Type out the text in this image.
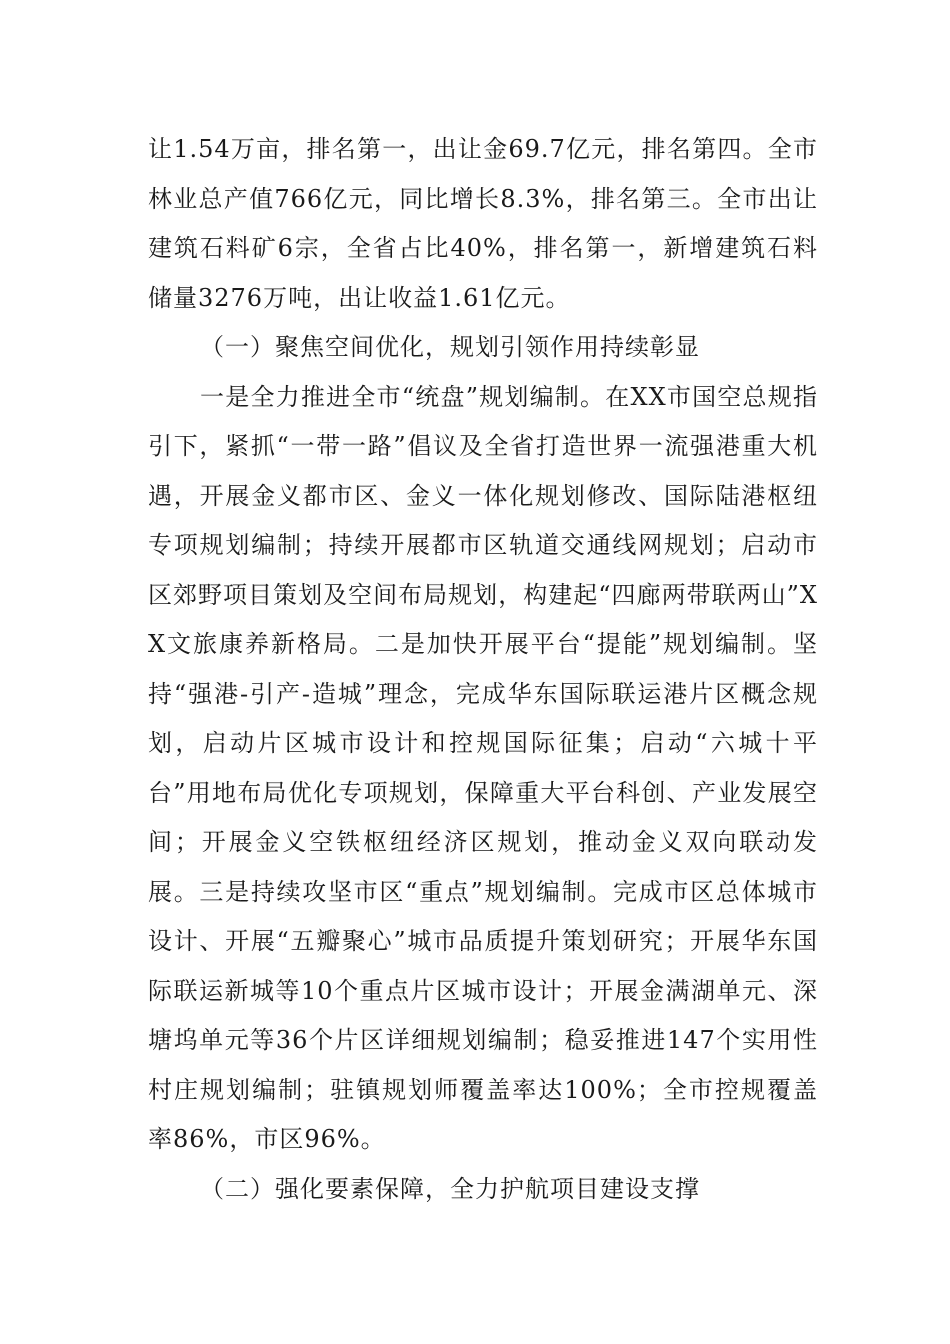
让1.54万亩，排名第一，出让金69.7亿元，排名第四。全市林业总产值766亿元，同比增长8.3%，排名第三。全市出让建筑石料矿6宗，全省占比40%，排名第一，新增建筑石料储量3276万吨，出让收益1.61亿元。

（一）聚焦空间优化，规划引领作用持续彰显

一是全力推进全市“统盘”规划编制。在XX市国空总规指引下，紧抓“一带一路”倡议及全省打造世界一流强港重大机遇，开展金义都市区、金义一体化规划修改、国际陆港枢纽专项规划编制；持续开展都市区轨道交通线网规划；启动市区郊野项目策划及空间布局规划，构建起“四廊两带联两山”XX文旅康养新格局。二是加快开展平台“提能”规划编制。坚持“强港-引产-造城”理念，完成华东国际联运港片区概念规划，启动片区城市设计和控规国际征集；启动“六城十平台”用地布局优化专项规划，保障重大平台科创、产业发展空间；开展金义空铁枢纽经济区规划，推动金义双向联动发展。三是持续攻坚市区“重点”规划编制。完成市区总体城市设计、开展“五瓣聚心”城市品质提升策划研究；开展华东国际联运新城等10个重点片区城市设计；开展金满湖单元、深塘坞单元等36个片区详细规划编制；稳妥推进147个实用性村庄规划编制；驻镇规划师覆盖率达100%；全市控规覆盖率86%，市区96%。

（二）强化要素保障，全力护航项目建设支撑
